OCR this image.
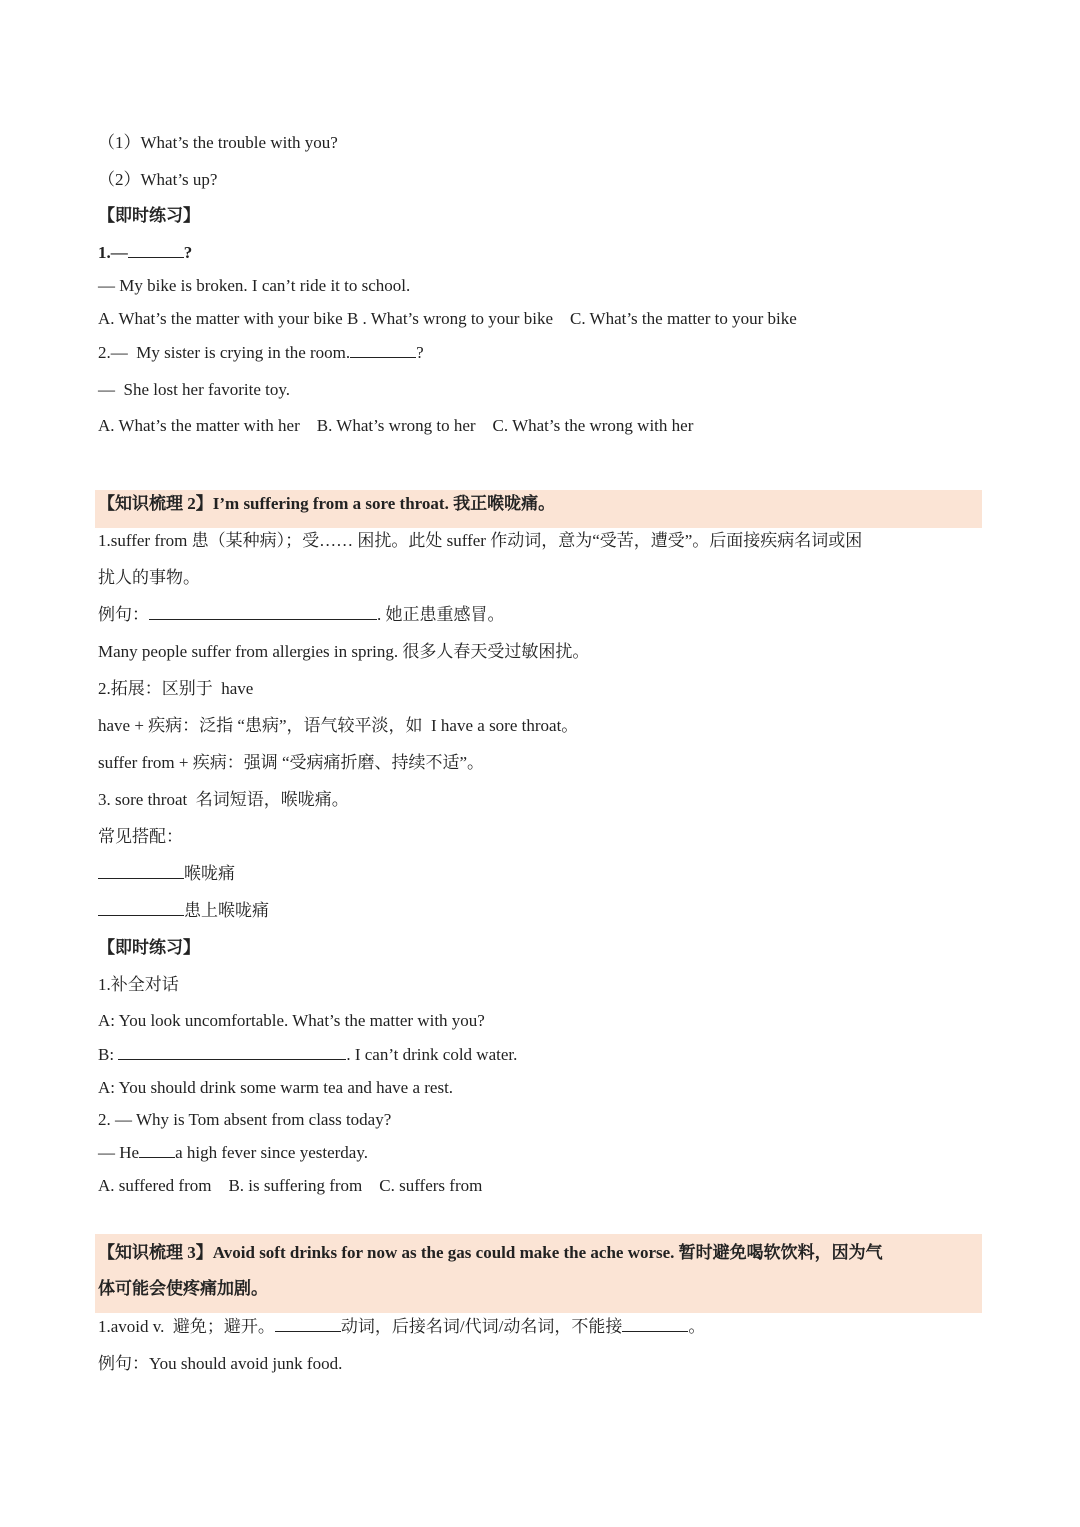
（1）What’s the trouble with you?
（2）What’s up?
【即时练习】
1.—	?
— My bike is broken. I can’t ride it to school.
A. What’s the matter with your bike B . What’s wrong to your bike    C. What’s the matter to your bike
2.—  My sister is crying in the room.	?
—  She lost her favorite toy.
A. What’s the matter with her    B. What’s wrong to her    C. What’s the wrong with her
【知识梳理 2】I’m suffering from a sore throat. 我正喉咙痛。
1.suffer from 患（某种病）；受…… 困扰。此处 suffer 作动词，意为“受苦，遭受”。后面接疾病名词或困
扰人的事物。
例句：	. 她正患重感冒。
Many people suffer from allergies in spring. 很多人春天受过敏困扰。
2.拓展：区别于  have
have + 疾病：泛指 “患病”，语气较平淡，如  I have a sore throat。
suffer from + 疾病：强调 “受病痛折磨、持续不适”。
3. sore throat  名词短语，喉咙痛。
常见搭配：
喉咙痛
患上喉咙痛
【即时练习】
1.补全对话
A: You look uncomfortable. What’s the matter with you?
B:	. I can’t drink cold water.
A: You should drink some warm tea and have a rest.
2. — Why is Tom absent from class today?
— He a high fever since yesterday.
A. suffered from    B. is suffering from    C. suffers from
【知识梳理 3】Avoid soft drinks for now as the gas could make the ache worse. 暂时避免喝软饮料，因为气
体可能会使疼痛加剧。
1.avoid v.  避免；避开。	动词，后接名词/代词/动名词，不能接	。
例句：You should avoid junk food.
